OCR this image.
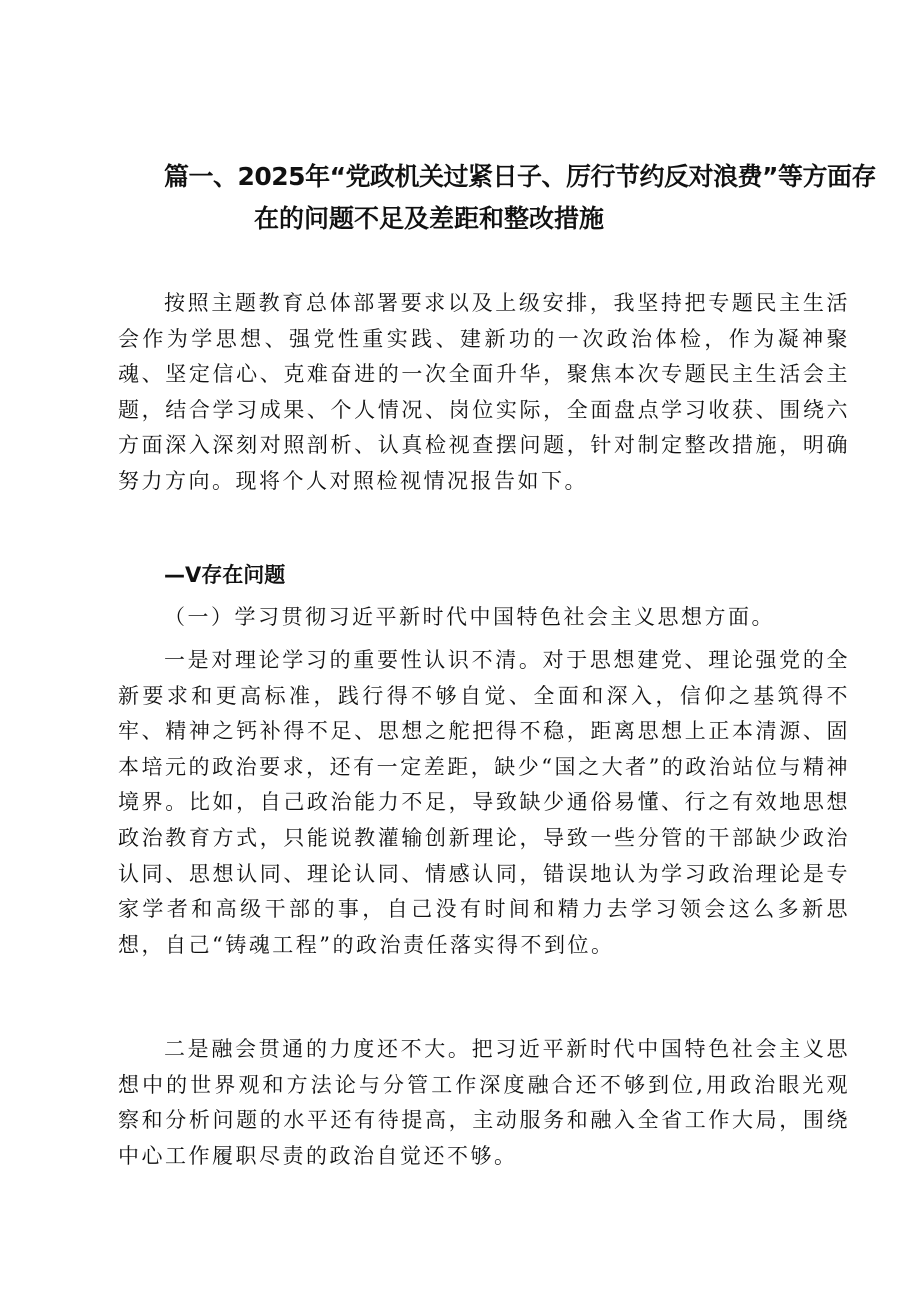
篇一、2025年“党政机关过紧日子、厉行节约反对浪费”等方面存
在的问题不足及差距和整改措施

按照主题教育总体部署要求以及上级安排，我坚持把专题民主生活会作为学思想、强党性重实践、建新功的一次政治体检，作为凝神聚魂、坚定信心、克难奋进的一次全面升华，聚焦本次专题民主生活会主题，结合学习成果、个人情况、岗位实际，全面盘点学习收获、围绕六方面深入深刻对照剖析、认真检视查摆问题，针对制定整改措施，明确努力方向。现将个人对照检视情况报告如下。

—V存在问题

（一）学习贯彻习近平新时代中国特色社会主义思想方面。

一是对理论学习的重要性认识不清。对于思想建党、理论强党的全新要求和更高标准，践行得不够自觉、全面和深入，信仰之基筑得不牢、精神之钙补得不足、思想之舵把得不稳，距离思想上正本清源、固本培元的政治要求，还有一定差距，缺少“国之大者”的政治站位与精神境界。比如，自己政治能力不足，导致缺少通俗易懂、行之有效地思想政治教育方式，只能说教灌输创新理论，导致一些分管的干部缺少政治认同、思想认同、理论认同、情感认同，错误地认为学习政治理论是专家学者和高级干部的事，自己没有时间和精力去学习领会这么多新思想，自己“铸魂工程”的政治责任落实得不到位。

二是融会贯通的力度还不大。把习近平新时代中国特色社会主义思想中的世界观和方法论与分管工作深度融合还不够到位,用政治眼光观察和分析问题的水平还有待提高，主动服务和融入全省工作大局，围绕中心工作履职尽责的政治自觉还不够。
